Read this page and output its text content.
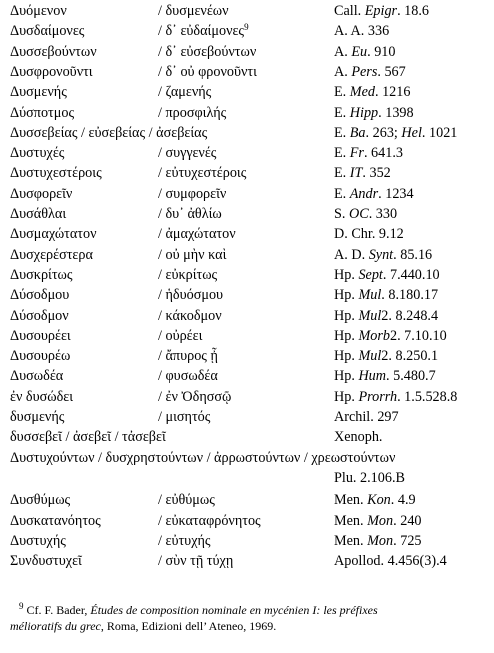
Δυόμενον	/ δυσμενέων	Call. Epigr. 18.6
Δυσδαίμονες	/ δ᾽ εὐδαίμονες$^9$	A. A. 336
Δυσσεβούντων	/ δ᾽ εὐσεβούντων	A. Eu. 910
Δυσφρονοῦντι	/ δ᾽ οὐ φρονοῦντι	A. Pers. 567
Δυσμενής	/ ζαμενής	E. Med. 1216
Δύσποτμος	/ προσφιλής	E. Hipp. 1398
Δυσσεβείας / εὐσεβείας / ἀσεβείας	E. Ba. 263; Hel. 1021
Δυστυχές	/ συγγενές	E. Fr. 641.3
Δυστυχεστέροις	/ εὐτυχεστέροις	E. IT. 352
Δυσφορεῖν	/ συμφορεῖν	E. Andr. 1234
Δυσάθλαι	/ δυ᾽ ἀθλίω	S. OC. 330
Δυσμαχώτατον	/ ἀμαχώτατον	D. Chr. 9.12
Δυσχερέστερα	/ οὐ μὴν καὶ	A. D. Synt. 85.16
Δυσκρίτως	/ εὐκρίτως	Hp. Sept. 7.440.10
Δύσοδμου	/ ἡδυόσμου	Hp. Mul. 8.180.17
Δύσοδμον	/ κάκοδμον	Hp. Mul2. 8.248.4
Δυσουρέει	/ οὐρέει	Hp. Morb2. 7.10.10
Δυσουρέω	/ ἄπυρος ᾖ	Hp. Mul2. 8.250.1
Δυσωδέα	/ φυσωδέα	Hp. Hum. 5.480.7
ἐν δυσώδει	/ ἐν Ὀδησσῷ	Hp. Prorrh. 1.5.528.8
δυσμενής	/ μισητός	Archil. 297
δυσσεβεῖ / ἀσεβεῖ / τἀσεβεῖ	Xenoph.
Δυστυχούντων / δυσχρηστούντων / ἀρρωστούντων / χρεωστούντων
Plu. 2.106.B
Δυσθύμως	/ εὐθύμως	Men. Kon. 4.9
Δυσκατανόητος	/ εὐκαταφρόνητος	Men. Mon. 240
Δυστυχής	/ εὐτυχής	Men. Mon. 725
Συνδυστυχεῖ	/ σὺν τῇ τύχῃ	Apollod. 4.456(3).4
$^9$ Cf. F. Bader, Études de composition nominale en mycénien I: les préfixes
mélioratifs du grec, Roma, Edizioni dell’ Ateneo, 1969.
